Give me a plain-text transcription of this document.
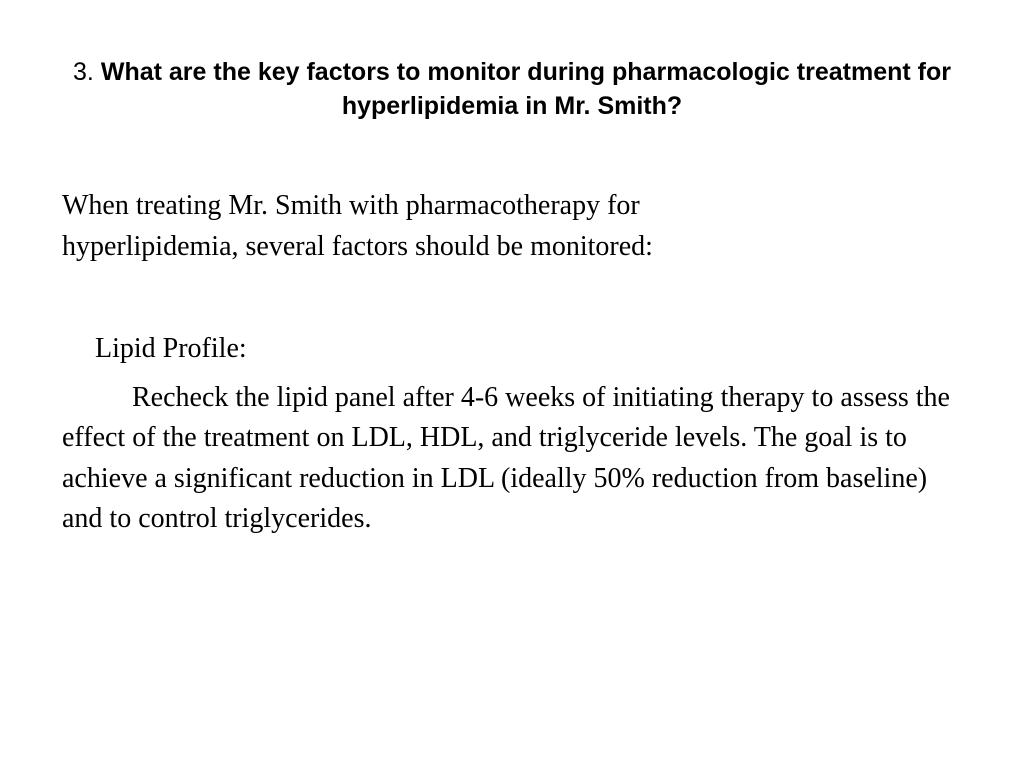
3. What are the key factors to monitor during pharmacologic treatment for hyperlipidemia in Mr. Smith?

When treating Mr. Smith with pharmacotherapy for hyperlipidemia, several factors should be monitored:

Lipid Profile:

Recheck the lipid panel after 4-6 weeks of initiating therapy to assess the effect of the treatment on LDL, HDL, and triglyceride levels. The goal is to achieve a significant reduction in LDL (ideally 50% reduction from baseline) and to control triglycerides.
